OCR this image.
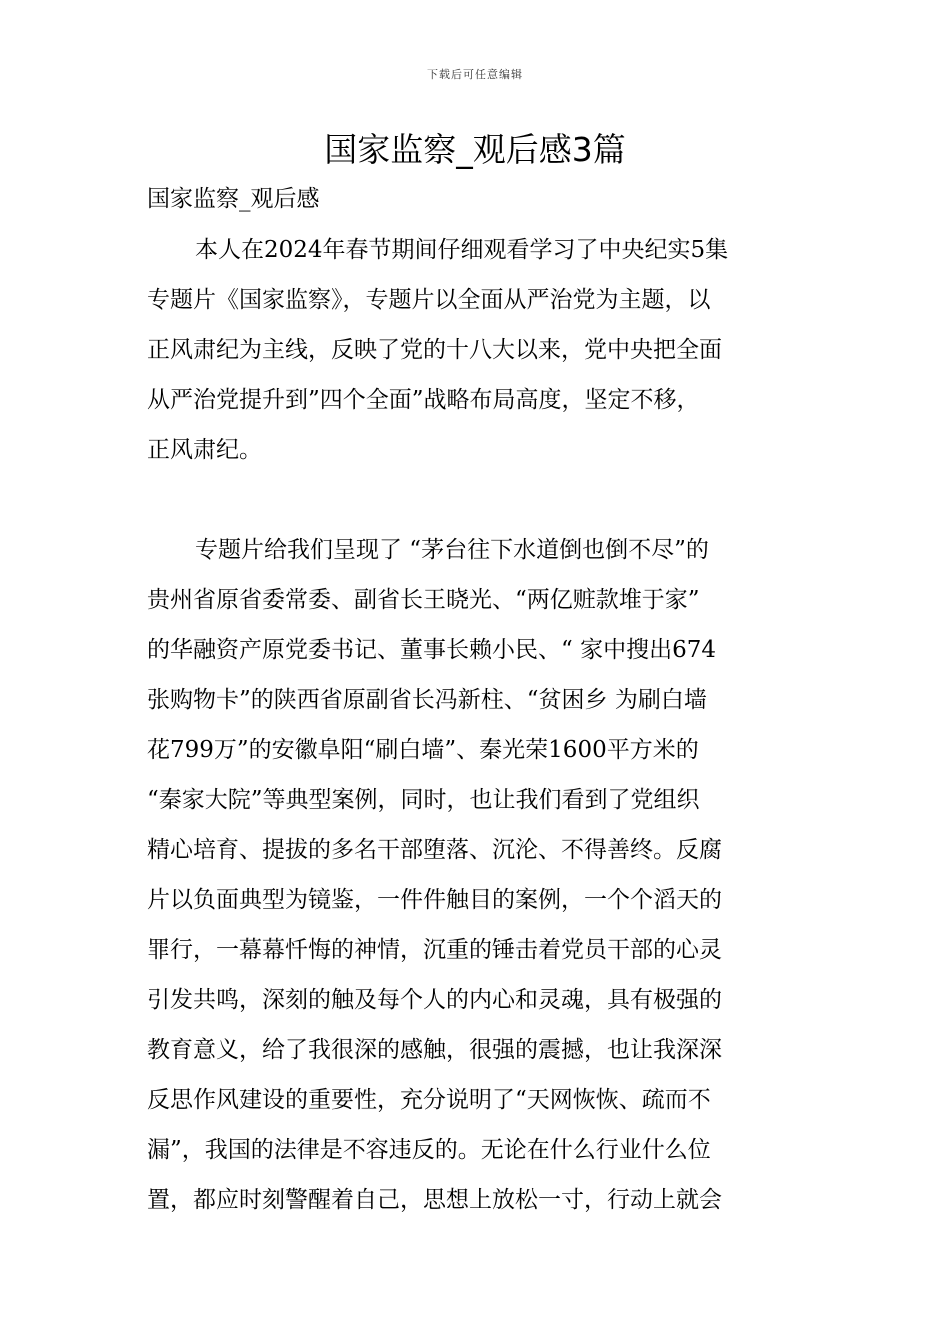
下载后可任意编辑
国家监察_观后感3篇
国家监察_观后感
本人在2024年春节期间仔细观看学习了中央纪实5集
专题片《国家监察》，专题片以全面从严治党为主题，以
正风肃纪为主线，反映了党的十八大以来，党中央把全面
从严治党提升到”四个全面”战略布局高度，坚定不移，
正风肃纪。
专题片给我们呈现了 “茅台往下水道倒也倒不尽”的
贵州省原省委常委、副省长王晓光、“两亿赃款堆于家”
的华融资产原党委书记、董事长赖小民、“ 家中搜出674
张购物卡”的陕西省原副省长冯新柱、“贫困乡 为刷白墙
花799万”的安徽阜阳“刷白墙”、秦光荣1600平方米的
“秦家大院”等典型案例，同时，也让我们看到了党组织
精心培育、提拔的多名干部堕落、沉沦、不得善终。反腐
片以负面典型为镜鉴，一件件触目的案例，一个个滔天的
罪行，一幕幕忏悔的神情，沉重的锤击着党员干部的心灵
引发共鸣，深刻的触及每个人的内心和灵魂，具有极强的
教育意义，给了我很深的感触，很强的震撼，也让我深深
反思作风建设的重要性，充分说明了“天网恢恢、疏而不
漏”，我国的法律是不容违反的。无论在什么行业什么位
置，都应时刻警醒着自己，思想上放松一寸，行动上就会
